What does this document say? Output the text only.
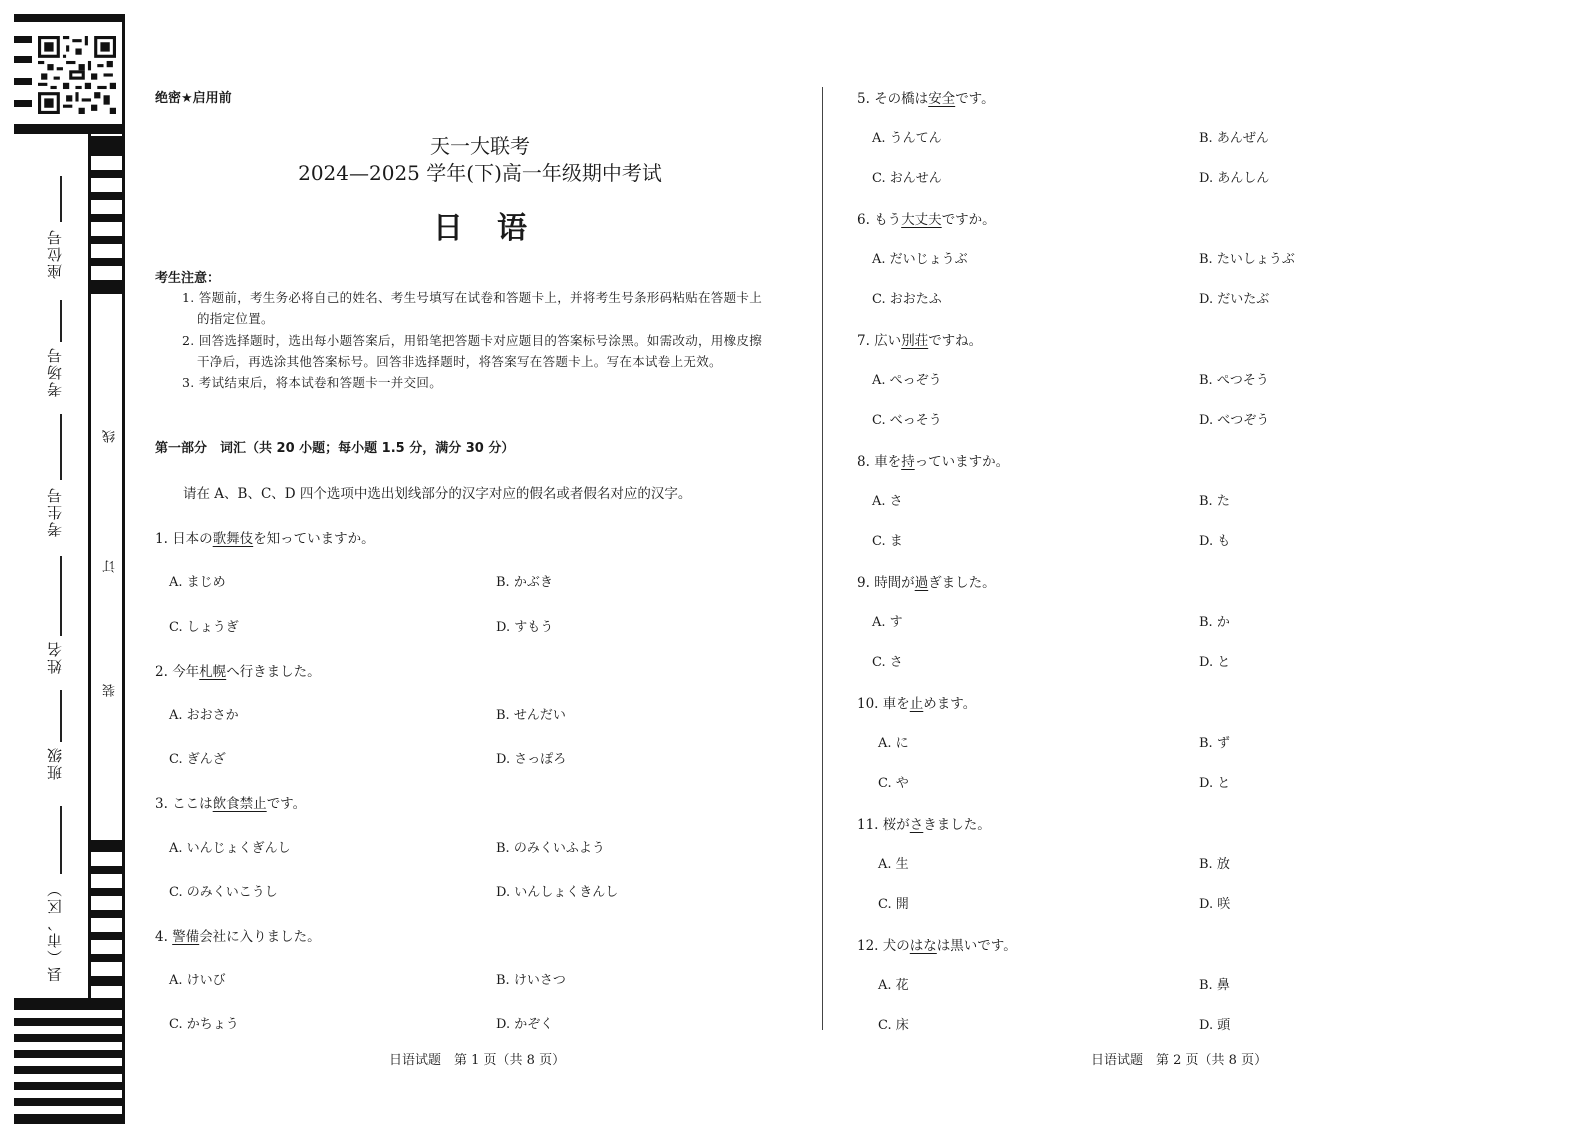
座位号
考场号
考生号
姓名
班级
县（市、区）
线
订
装
绝密★启用前
天一大联考
2024—2025 学年(下)高一年级期中考试
日语
考生注意：
1. 答题前，考生务必将自己的姓名、考生号填写在试卷和答题卡上，并将考生号条形码粘贴在答题卡上
的指定位置。
2. 回答选择题时，选出每小题答案后，用铅笔把答题卡对应题目的答案标号涂黑。如需改动，用橡皮擦
干净后，再选涂其他答案标号。回答非选择题时，将答案写在答题卡上。写在本试卷上无效。
3. 考试结束后，将本试卷和答题卡一并交回。
第一部分　词汇（共 20 小题；每小题 1.5 分，满分 30 分）
请在 A、B、C、D 四个选项中选出划线部分的汉字对应的假名或者假名对应的汉字。
1. 日本の歌舞伎を知っていますか。
A. まじめ	B. かぶき
C. しょうぎ	D. すもう
2. 今年札幌へ行きました。
A. おおさか	B. せんだい
C. ぎんざ	D. さっぽろ
3. ここは飲食禁止です。
A. いんじょくぎんし	B. のみくいふよう
C. のみくいこうし	D. いんしょくきんし
4. 警備会社に入りました。
A. けいび	B. けいさつ
C. かちょう	D. かぞく
日语试题　第 1 页（共 8 页）
5. その橋は安全です。
A. うんてん	B. あんぜん
C. おんせん	D. あんしん
6. もう大丈夫ですか。
A. だいじょうぶ	B. たいしょうぶ
C. おおたふ	D. だいたぶ
7. 広い別荘ですね。
A. ぺっぞう	B. ぺつそう
C. べっそう	D. べつぞう
8. 車を持っていますか。
A. さ	B. た
C. ま	D. も
9. 時間が過ぎました。
A. す	B. か
C. さ	D. と
10. 車を止めます。
A. に	B. ず
C. や	D. と
11. 桜がさきました。
A. 生	B. 放
C. 開	D. 咲
12. 犬のはなは黒いです。
A. 花	B. 鼻
C. 床	D. 頭
日语试题　第 2 页（共 8 页）
